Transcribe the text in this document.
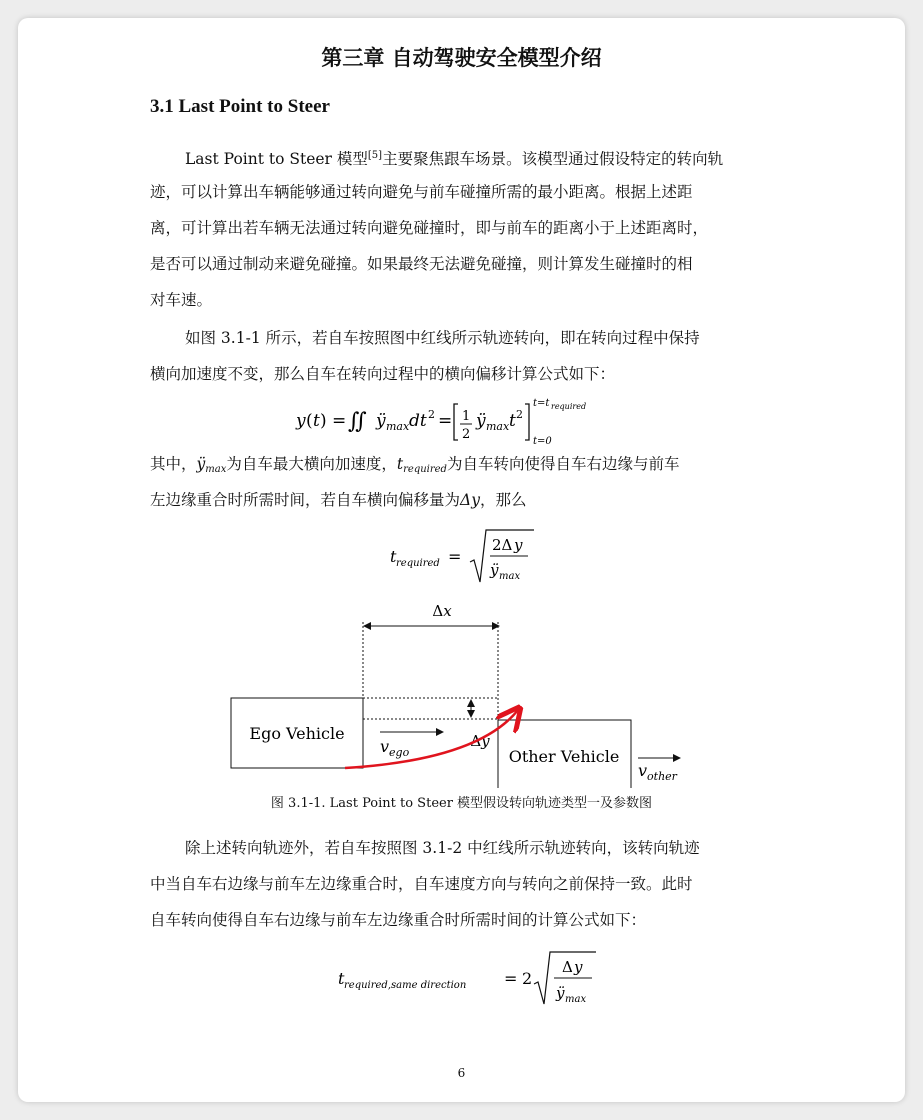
第三章 自动驾驶安全模型介绍
3.1 Last Point to Steer
Last Point to Steer 模型[5]主要聚焦跟车场景。该模型通过假设特定的转向轨
迹，可以计算出车辆能够通过转向避免与前车碰撞所需的最小距离。根据上述距
离，可计算出若车辆无法通过转向避免碰撞时，即与前车的距离小于上述距离时，
是否可以通过制动来避免碰撞。如果最终无法避免碰撞，则计算发生碰撞时的相
对车速。
如图 3.1-1 所示，若自车按照图中红线所示轨迹转向，即在转向过程中保持
横向加速度不变，那么自车在转向过程中的横向偏移计算公式如下：
y ( t ) = ∬ ÿ max dt 2 = 1
2
ÿ max t 2
t=t required
t=0
其中，$ÿ_{max}$为自车最大横向加速度，$t_{required}$为自车转向使得自车右边缘与前车
左边缘重合时所需时间，若自车横向偏移量为Δy，那么
t required =
2Δ y
ÿ max
Δx
Ego Vehicle
Other Vehicle
Δy
$v_{ego}$
$v_{other}$
图 3.1-1. Last Point to Steer 模型假设转向轨迹类型一及参数图
除上述转向轨迹外，若自车按照图 3.1-2 中红线所示轨迹转向，该转向轨迹
中当自车右边缘与前车左边缘重合时，自车速度方向与转向之前保持一致。此时
自车转向使得自车右边缘与前车左边缘重合时所需时间的计算公式如下：
t required,same direction = 2
Δ y
ÿ max
6
